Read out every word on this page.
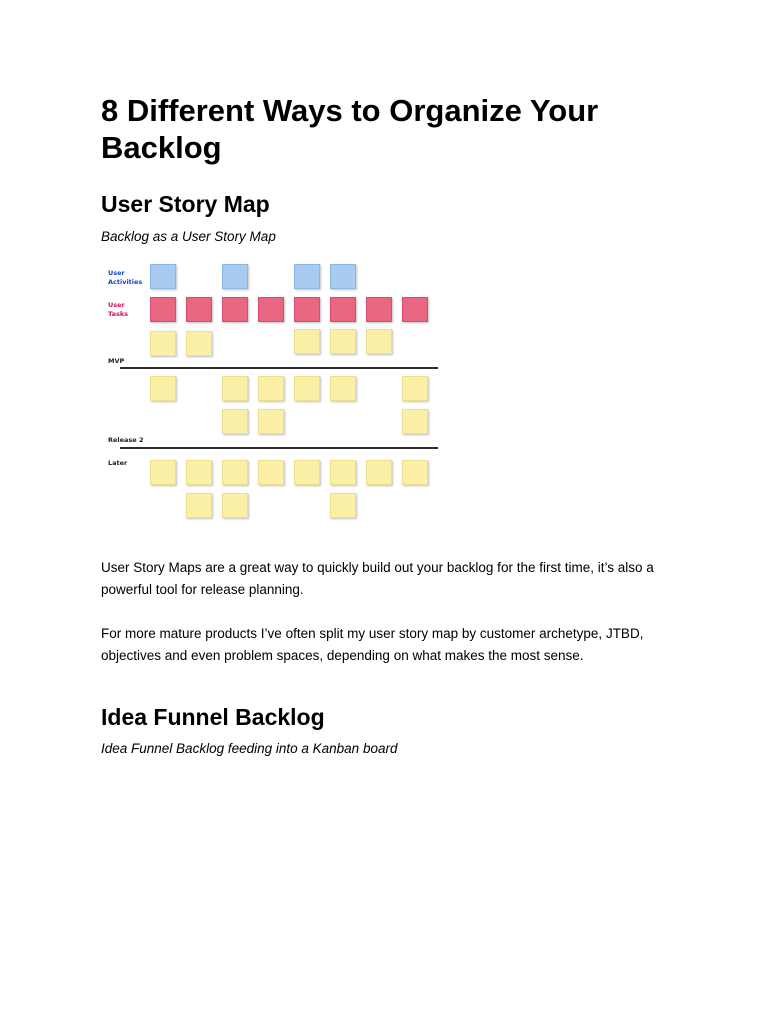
8 Different Ways to Organize Your Backlog
User Story Map

Backlog as a User Story Map

User
Activities
User
Tasks
MVP
Release 2
Later

User Story Maps are a great way to quickly build out your backlog for the first time, it’s also a powerful tool for release planning.

For more mature products I’ve often split my user story map by customer archetype, JTBD, objectives and even problem spaces, depending on what makes the most sense.

Idea Funnel Backlog

Idea Funnel Backlog feeding into a Kanban board
